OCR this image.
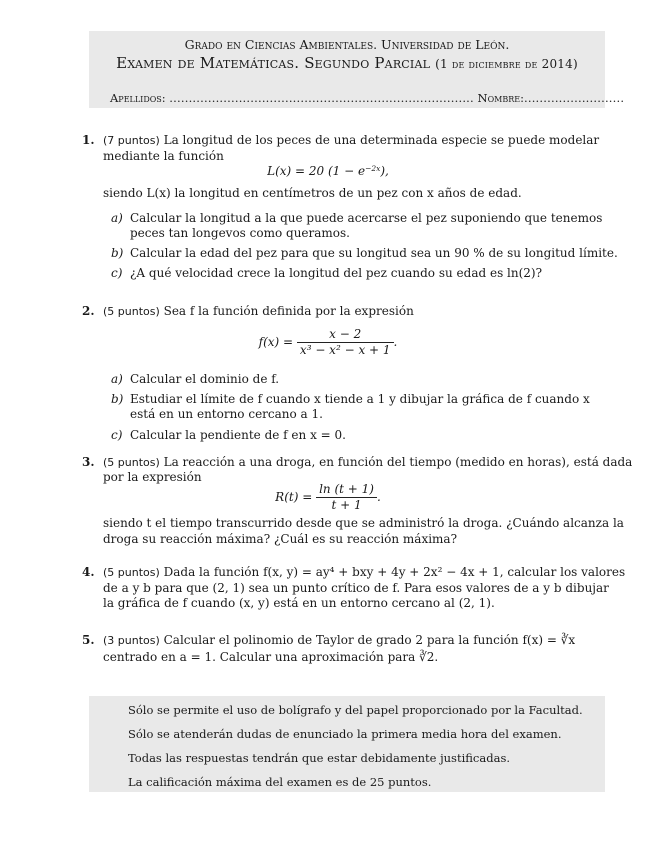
Grado en Ciencias Ambientales. Universidad de León.
Examen de Matemáticas. Segundo Parcial (1 de diciembre de 2014)
Apellidos: ............................................................................... Nombre:..........................
1. (7 puntos) La longitud de los peces de una determinada especie se puede modelar
mediante la función
L(x) = 20 $(1 - e^{-2x})$,
siendo L(x) la longitud en centímetros de un pez con x años de edad.
a) Calcular la longitud a la que puede acercarse el pez suponiendo que tenemos
peces tan longevos como queramos.
b) Calcular la edad del pez para que su longitud sea un 90 % de su longitud límite.
c) ¿A qué velocidad crece la longitud del pez cuando su edad es ln(2)?
2. (5 puntos) Sea f la función definida por la expresión
$f(x) = \frac{x - 2}{\text{x³ − x² − x + 1}}$ .
a) Calcular el dominio de f.
b) Estudiar el límite de f cuando x tiende a 1 y dibujar la gráfica de f cuando x
está en un entorno cercano a 1.
c) Calcular la pendiente de f en x = 0.
3. (5 puntos) La reacción a una droga, en función del tiempo (medido en horas), está dada
por la expresión
$R(t) = \frac{\ln (t + 1)}{t + 1}$ .
siendo t el tiempo transcurrido desde que se administró la droga. ¿Cuándo alcanza la
droga su reacción máxima? ¿Cuál es su reacción máxima?
4. (5 puntos) Dada la función f(x, y) = ay⁴ + bxy + 4y + 2x² − 4x + 1, calcular los valores
de a y b para que (2, 1) sea un punto crítico de f. Para esos valores de a y b dibujar
la gráfica de f cuando (x, y) está en un entorno cercano al (2, 1).
5. (3 puntos) Calcular el polinomio de Taylor de grado 2 para la función f(x) = ∛x
centrado en a = 1. Calcular una aproximación para ∛2.
Sólo se permite el uso de bolígrafo y del papel proporcionado por la Facultad.
Sólo se atenderán dudas de enunciado la primera media hora del examen.
Todas las respuestas tendrán que estar debidamente justificadas.
La calificación máxima del examen es de 25 puntos.
